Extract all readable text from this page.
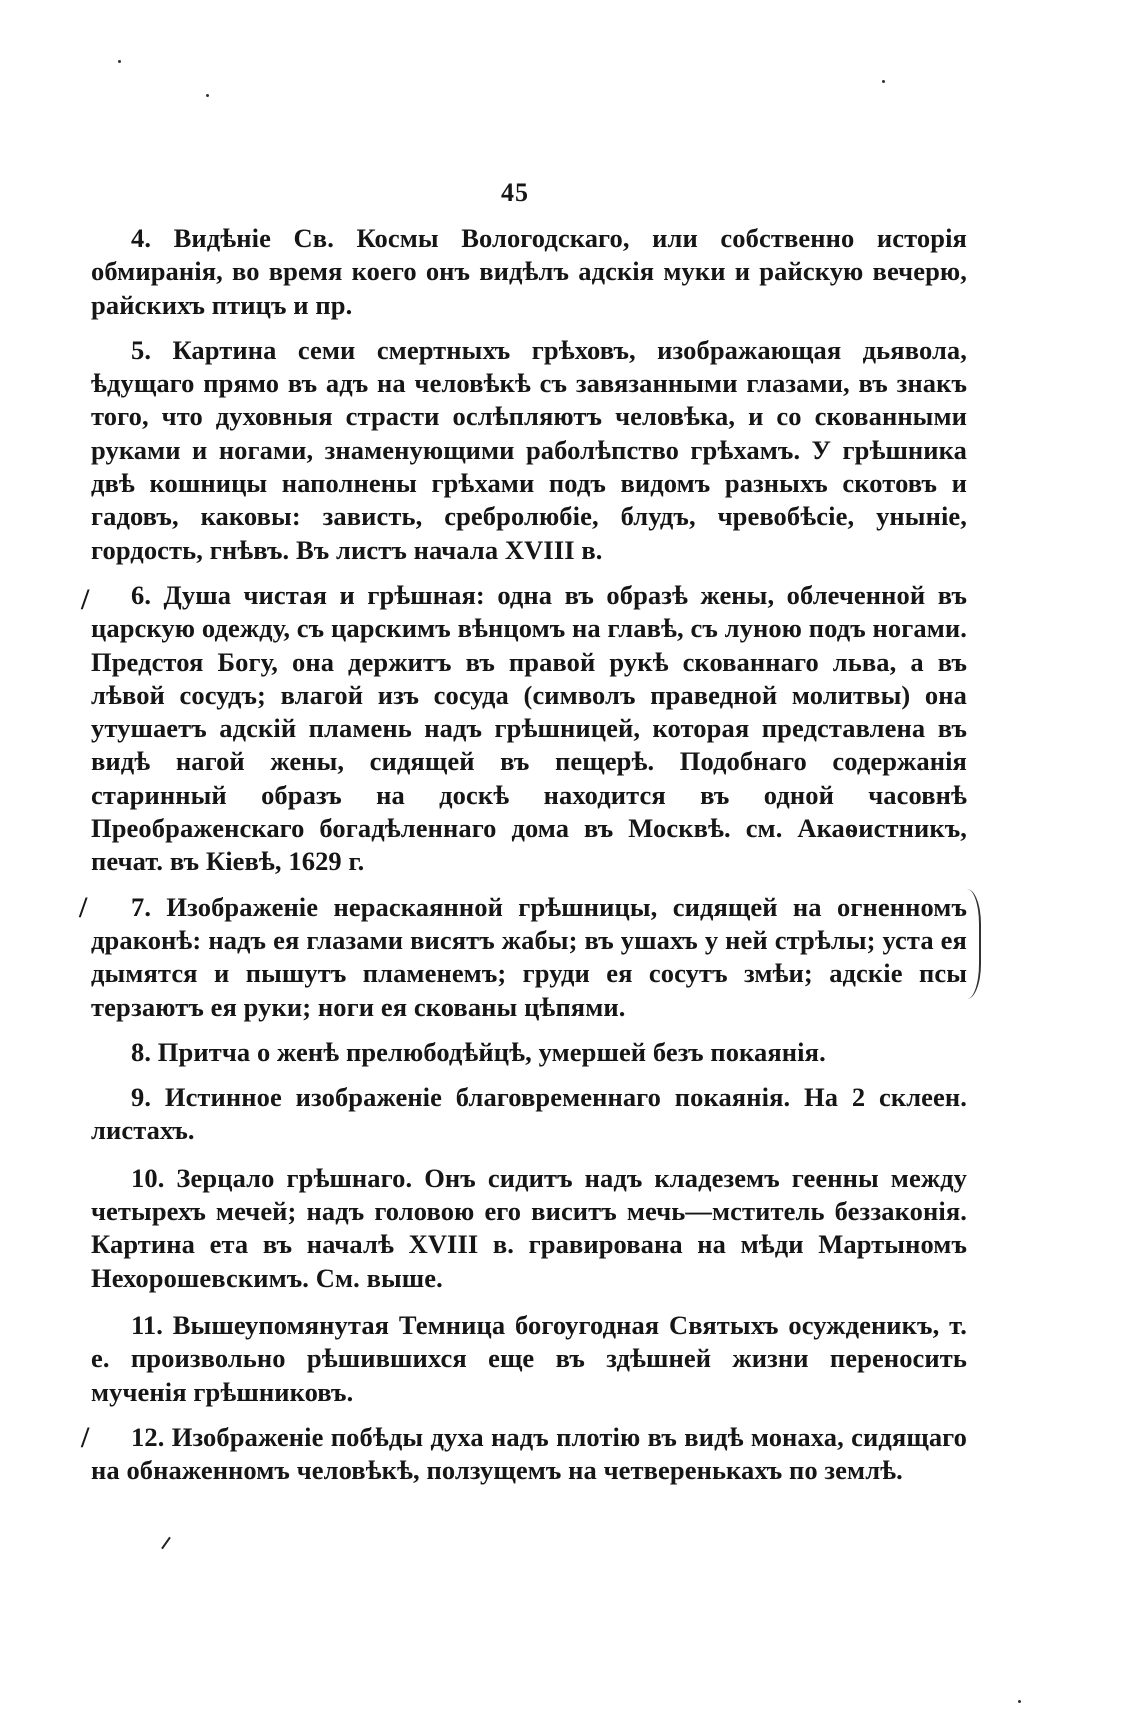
45

4. Видѣніе Св. Космы Вологодскаго, или собственно исторія обмиранія, во время коего онъ видѣлъ адскія муки и райскую вечерю, райскихъ птицъ и пр.

5. Картина семи смертныхъ грѣховъ, изображающая дьявола, ѣдущаго прямо въ адъ на человѣкѣ съ завязанными глазами, въ знакъ того, что духовныя страсти ослѣпляютъ человѣка, и со скованными руками и ногами, знаменующими раболѣпство грѣхамъ. У грѣшника двѣ кошницы наполнены грѣхами подъ видомъ разныхъ скотовъ и гадовъ, каковы: зависть, сребролюбіе, блудъ, чревобѣсіе, уныніе, гордость, гнѣвъ. Въ листъ начала XVIII в.

/ 6. Душа чистая и грѣшная: одна въ образѣ жены, облеченной въ царскую одежду, съ царскимъ вѣнцомъ на главѣ, съ луною подъ ногами. Предстоя Богу, она держитъ въ правой рукѣ скованнаго льва, а въ лѣвой сосудъ; влагой изъ сосуда (символъ праведной молитвы) она утушаетъ адскій пламень надъ грѣшницей, которая представлена въ видѣ нагой жены, сидящей въ пещерѣ. Подобнаго содержанія старинный образъ на доскѣ находится въ одной часовнѣ Преображенскаго богадѣленнаго дома въ Москвѣ. см. Акаѳистникъ, печат. въ Кіевѣ, 1629 г.

/ 7. Изображеніе нераскаянной грѣшницы, сидящей на огненномъ драконѣ: надъ ея глазами висятъ жабы; въ ушахъ у ней стрѣлы; уста ея дымятся и пышутъ пламенемъ; груди ея сосутъ змѣи; адскіе псы терзаютъ ея руки; ноги ея скованы цѣпями.

8. Притча о женѣ прелюбодѣйцѣ, умершей безъ покаянія.

9. Истинное изображеніе благовременнаго покаянія. На 2 склеен. листахъ.

10. Зерцало грѣшнаго. Онъ сидитъ надъ кладеземъ геенны между четырехъ мечей; надъ головою его виситъ мечь—мститель беззаконія. Картина ета въ началѣ XVIII в. гравирована на мѣди Мартыномъ Нехорошевскимъ. См. выше.

11. Вышеупомянутая Темница богоугодная Святыхъ осужденикъ, т. е. произвольно рѣшившихся еще въ здѣшней жизни переносить мученія грѣшниковъ.

/ 12. Изображеніе побѣды духа надъ плотію въ видѣ монаха, сидящаго на обнаженномъ человѣкѣ, ползущемъ на четверенькахъ по землѣ.
